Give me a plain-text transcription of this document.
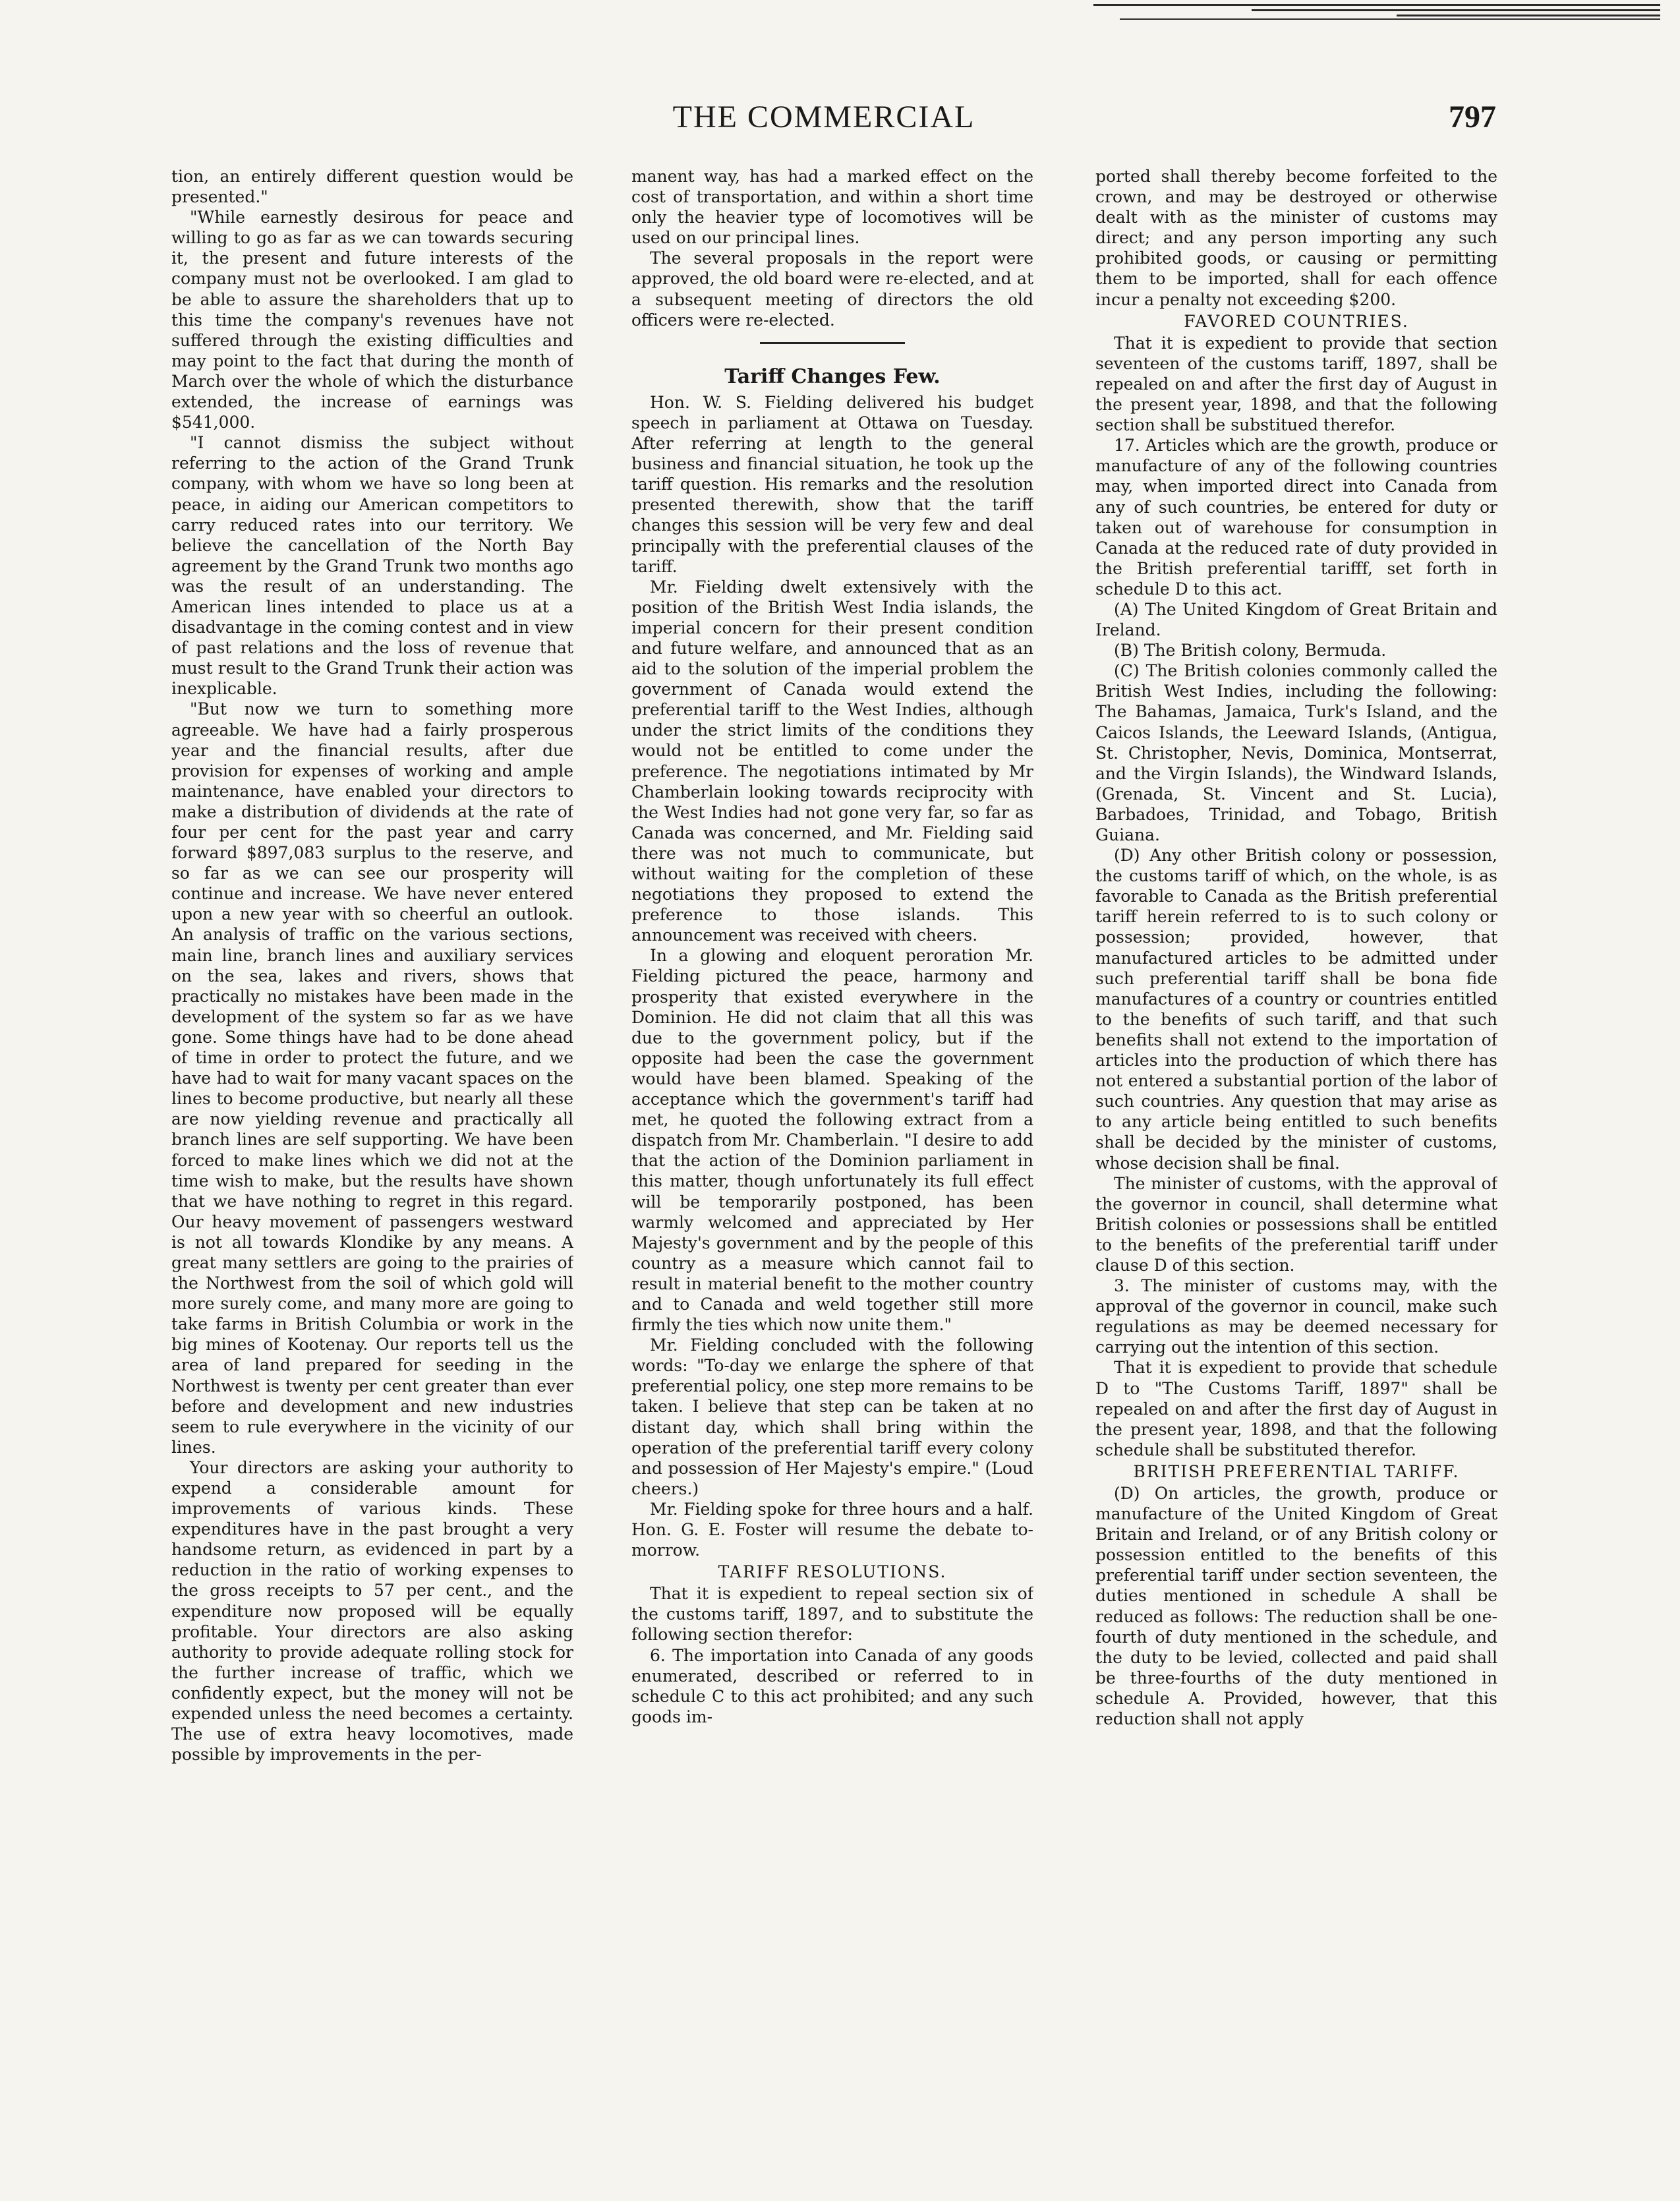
THE COMMERCIAL	797

tion, an entirely different question would be presented."

"While earnestly desirous for peace and willing to go as far as we can towards securing it, the present and future interests of the company must not be overlooked. I am glad to be able to assure the shareholders that up to this time the company's revenues have not suffered through the existing difficulties and may point to the fact that during the month of March over the whole of which the disturbance extended, the increase of earnings was $541,000.

"I cannot dismiss the subject without referring to the action of the Grand Trunk company, with whom we have so long been at peace, in aiding our American competitors to carry reduced rates into our territory. We believe the cancellation of the North Bay agreement by the Grand Trunk two months ago was the result of an understanding. The American lines intended to place us at a disadvantage in the coming contest and in view of past relations and the loss of revenue that must result to the Grand Trunk their action was inexplicable.

"But now we turn to something more agreeable. We have had a fairly prosperous year and the financial results, after due provision for expenses of working and ample maintenance, have enabled your directors to make a distribution of dividends at the rate of four per cent for the past year and carry forward $897,083 surplus to the reserve, and so far as we can see our prosperity will continue and increase. We have never entered upon a new year with so cheerful an outlook. An analysis of traffic on the various sections, main line, branch lines and auxiliary services on the sea, lakes and rivers, shows that practically no mistakes have been made in the development of the system so far as we have gone. Some things have had to be done ahead of time in order to protect the future, and we have had to wait for many vacant spaces on the lines to become productive, but nearly all these are now yielding revenue and practically all branch lines are self supporting. We have been forced to make lines which we did not at the time wish to make, but the results have shown that we have nothing to regret in this regard. Our heavy movement of passengers westward is not all towards Klondike by any means. A great many settlers are going to the prairies of the Northwest from the soil of which gold will more surely come, and many more are going to take farms in British Columbia or work in the big mines of Kootenay. Our reports tell us the area of land prepared for seeding in the Northwest is twenty per cent greater than ever before and development and new industries seem to rule everywhere in the vicinity of our lines.

Your directors are asking your authority to expend a considerable amount for improvements of various kinds. These expenditures have in the past brought a very handsome return, as evidenced in part by a reduction in the ratio of working expenses to the gross receipts to 57 per cent., and the expenditure now proposed will be equally profitable. Your directors are also asking authority to provide adequate rolling stock for the further increase of traffic, which we confidently expect, but the money will not be expended unless the need becomes a certainty. The use of extra heavy locomotives, made possible by improvements in the per-

manent way, has had a marked effect on the cost of transportation, and within a short time only the heavier type of locomotives will be used on our principal lines.

The several proposals in the report were approved, the old board were re-elected, and at a subsequent meeting of directors the old officers were re-elected.

Tariff Changes Few.

Hon. W. S. Fielding delivered his budget speech in parliament at Ottawa on Tuesday. After referring at length to the general business and financial situation, he took up the tariff question. His remarks and the resolution presented therewith, show that the tariff changes this session will be very few and deal principally with the preferential clauses of the tariff.

Mr. Fielding dwelt extensively with the position of the British West India islands, the imperial concern for their present condition and future welfare, and announced that as an aid to the solution of the imperial problem the government of Canada would extend the preferential tariff to the West Indies, although under the strict limits of the conditions they would not be entitled to come under the preference. The negotiations intimated by Mr Chamberlain looking towards reciprocity with the West Indies had not gone very far, so far as Canada was concerned, and Mr. Fielding said there was not much to communicate, but without waiting for the completion of these negotiations they proposed to extend the preference to those islands. This announcement was received with cheers.

In a glowing and eloquent peroration Mr. Fielding pictured the peace, harmony and prosperity that existed everywhere in the Dominion. He did not claim that all this was due to the government policy, but if the opposite had been the case the government would have been blamed. Speaking of the acceptance which the government's tariff had met, he quoted the following extract from a dispatch from Mr. Chamberlain. "I desire to add that the action of the Dominion parliament in this matter, though unfortunately its full effect will be temporarily postponed, has been warmly welcomed and appreciated by Her Majesty's government and by the people of this country as a measure which cannot fail to result in material benefit to the mother country and to Canada and weld together still more firmly the ties which now unite them."

Mr. Fielding concluded with the following words: "To-day we enlarge the sphere of that preferential policy, one step more remains to be taken. I believe that step can be taken at no distant day, which shall bring within the operation of the preferential tariff every colony and possession of Her Majesty's empire." (Loud cheers.)

Mr. Fielding spoke for three hours and a half. Hon. G. E. Foster will resume the debate to-morrow.

TARIFF RESOLUTIONS.

That it is expedient to repeal section six of the customs tariff, 1897, and to substitute the following section therefor:

6. The importation into Canada of any goods enumerated, described or referred to in schedule C to this act prohibited; and any such goods im-

ported shall thereby become forfeited to the crown, and may be destroyed or otherwise dealt with as the minister of customs may direct; and any person importing any such prohibited goods, or causing or permitting them to be imported, shall for each offence incur a penalty not exceeding $200.

FAVORED COUNTRIES.

That it is expedient to provide that section seventeen of the customs tariff, 1897, shall be repealed on and after the first day of August in the present year, 1898, and that the following section shall be substitued therefor.

17. Articles which are the growth, produce or manufacture of any of the following countries may, when imported direct into Canada from any of such countries, be entered for duty or taken out of warehouse for consumption in Canada at the reduced rate of duty provided in the British preferential tarifff, set forth in schedule D to this act.

(A) The United Kingdom of Great Britain and Ireland.

(B) The British colony, Bermuda.

(C) The British colonies commonly called the British West Indies, including the following: The Bahamas, Jamaica, Turk's Island, and the Caicos Islands, the Leeward Islands, (Antigua, St. Christopher, Nevis, Dominica, Montserrat, and the Virgin Islands), the Windward Islands, (Grenada, St. Vincent and St. Lucia), Barbadoes, Trinidad, and Tobago, British Guiana.

(D) Any other British colony or possession, the customs tariff of which, on the whole, is as favorable to Canada as the British preferential tariff herein referred to is to such colony or possession; provided, however, that manufactured articles to be admitted under such preferential tariff shall be bona fide manufactures of a country or countries entitled to the benefits of such tariff, and that such benefits shall not extend to the importation of articles into the production of which there has not entered a substantial portion of the labor of such countries. Any question that may arise as to any article being entitled to such benefits shall be decided by the minister of customs, whose decision shall be final.

The minister of customs, with the approval of the governor in council, shall determine what British colonies or possessions shall be entitled to the benefits of the preferential tariff under clause D of this section.

3. The minister of customs may, with the approval of the governor in council, make such regulations as may be deemed necessary for carrying out the intention of this section.

That it is expedient to provide that schedule D to "The Customs Tariff, 1897" shall be repealed on and after the first day of August in the present year, 1898, and that the following schedule shall be substituted therefor.

BRITISH PREFERENTIAL TARIFF.

(D) On articles, the growth, produce or manufacture of the United Kingdom of Great Britain and Ireland, or of any British colony or possession entitled to the benefits of this preferential tariff under section seventeen, the duties mentioned in schedule A shall be reduced as follows: The reduction shall be one-fourth of duty mentioned in the schedule, and the duty to be levied, collected and paid shall be three-fourths of the duty mentioned in schedule A. Provided, however, that this reduction shall not apply
